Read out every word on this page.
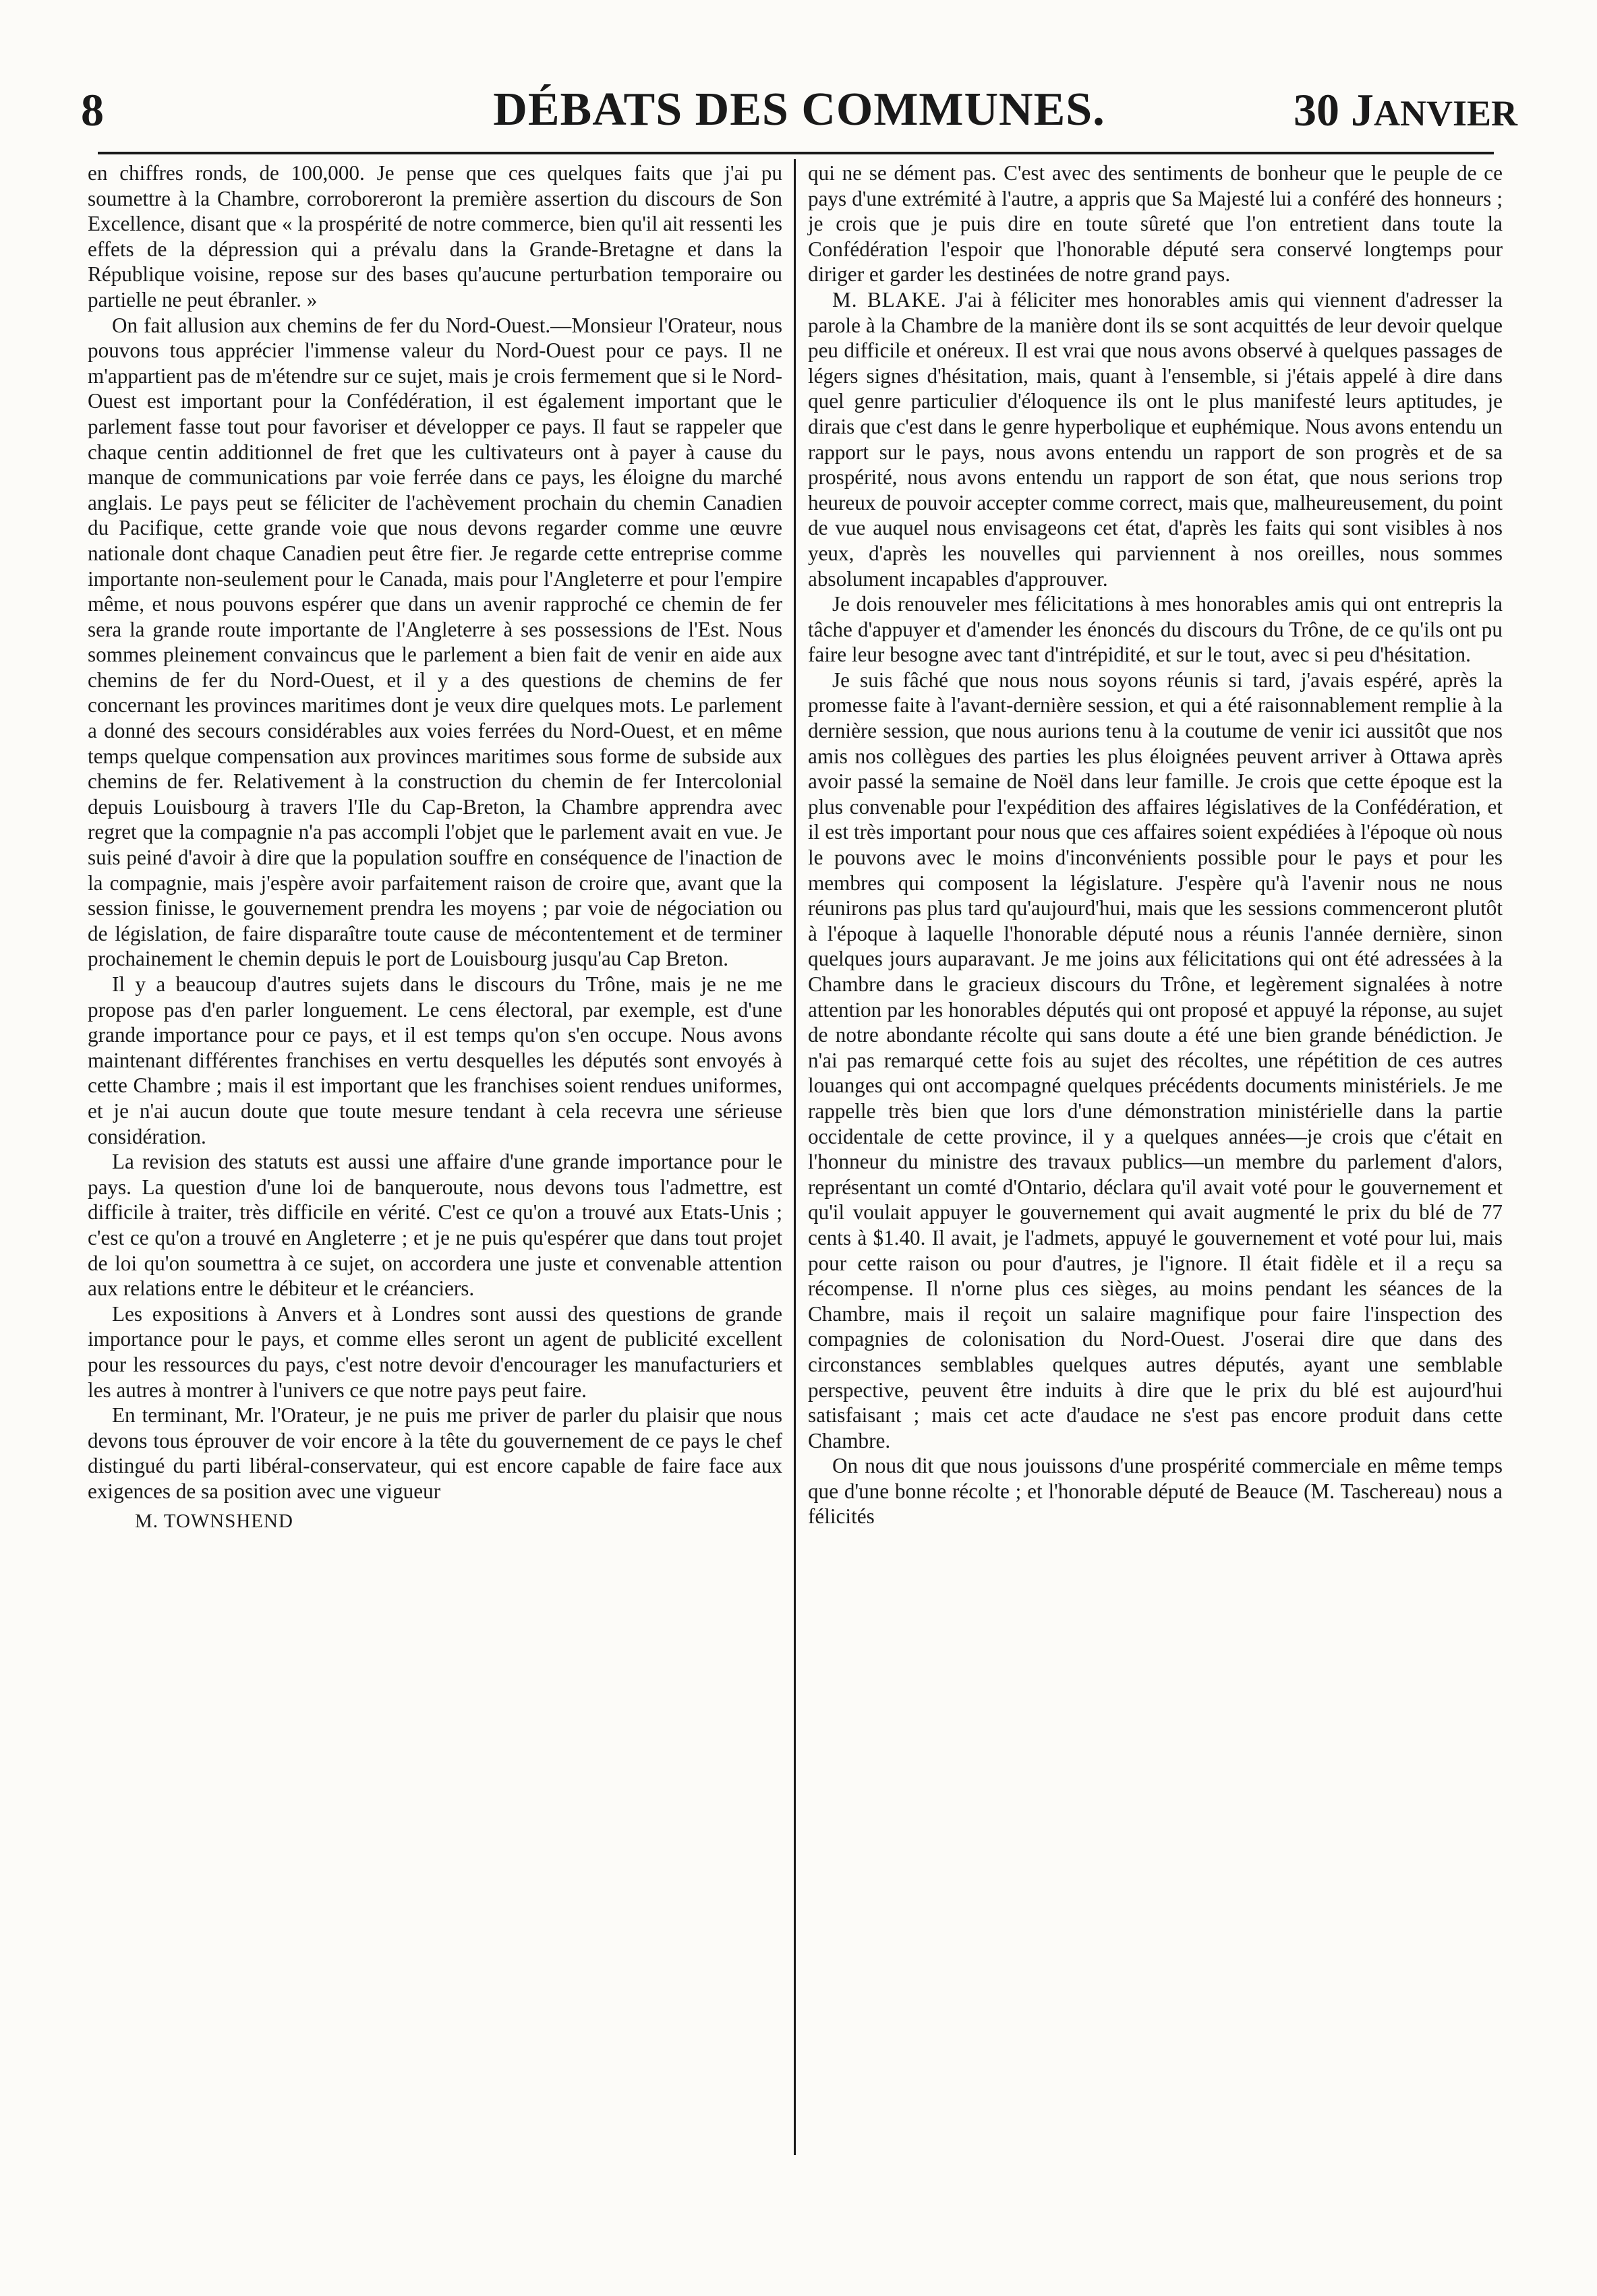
8	DÉBATS DES COMMUNES.	30 JANVIER

en chiffres ronds, de 100,000. Je pense que ces quelques faits que j'ai pu soumettre à la Chambre, corroboreront la première assertion du discours de Son Excellence, disant que « la prospérité de notre commerce, bien qu'il ait ressenti les effets de la dépression qui a prévalu dans la Grande-Bretagne et dans la République voisine, repose sur des bases qu'aucune perturbation temporaire ou partielle ne peut ébranler. »

On fait allusion aux chemins de fer du Nord-Ouest.—Monsieur l'Orateur, nous pouvons tous apprécier l'immense valeur du Nord-Ouest pour ce pays. Il ne m'appartient pas de m'étendre sur ce sujet, mais je crois fermement que si le Nord-Ouest est important pour la Confédération, il est également important que le parlement fasse tout pour favoriser et développer ce pays. Il faut se rappeler que chaque centin additionnel de fret que les cultivateurs ont à payer à cause du manque de communications par voie ferrée dans ce pays, les éloigne du marché anglais. Le pays peut se féliciter de l'achèvement prochain du chemin Canadien du Pacifique, cette grande voie que nous devons regarder comme une œuvre nationale dont chaque Canadien peut être fier. Je regarde cette entreprise comme importante non-seulement pour le Canada, mais pour l'Angleterre et pour l'empire même, et nous pouvons espérer que dans un avenir rapproché ce chemin de fer sera la grande route importante de l'Angleterre à ses possessions de l'Est. Nous sommes pleinement convaincus que le parlement a bien fait de venir en aide aux chemins de fer du Nord-Ouest, et il y a des questions de chemins de fer concernant les provinces maritimes dont je veux dire quelques mots. Le parlement a donné des secours considérables aux voies ferrées du Nord-Ouest, et en même temps quelque compensation aux provinces maritimes sous forme de subside aux chemins de fer. Relativement à la construction du chemin de fer Intercolonial depuis Louisbourg à travers l'Ile du Cap-Breton, la Chambre apprendra avec regret que la compagnie n'a pas accompli l'objet que le parlement avait en vue. Je suis peiné d'avoir à dire que la population souffre en conséquence de l'inaction de la compagnie, mais j'espère avoir parfaitement raison de croire que, avant que la session finisse, le gouvernement prendra les moyens ; par voie de négociation ou de législation, de faire disparaître toute cause de mécontentement et de terminer prochainement le chemin depuis le port de Louisbourg jusqu'au Cap Breton.

Il y a beaucoup d'autres sujets dans le discours du Trône, mais je ne me propose pas d'en parler longuement. Le cens électoral, par exemple, est d'une grande importance pour ce pays, et il est temps qu'on s'en occupe. Nous avons maintenant différentes franchises en vertu desquelles les députés sont envoyés à cette Chambre ; mais il est important que les franchises soient rendues uniformes, et je n'ai aucun doute que toute mesure tendant à cela recevra une sérieuse considération.

La revision des statuts est aussi une affaire d'une grande importance pour le pays. La question d'une loi de banqueroute, nous devons tous l'admettre, est difficile à traiter, très difficile en vérité. C'est ce qu'on a trouvé aux Etats-Unis ; c'est ce qu'on a trouvé en Angleterre ; et je ne puis qu'espérer que dans tout projet de loi qu'on soumettra à ce sujet, on accordera une juste et convenable attention aux relations entre le débiteur et le créanciers.

Les expositions à Anvers et à Londres sont aussi des questions de grande importance pour le pays, et comme elles seront un agent de publicité excellent pour les ressources du pays, c'est notre devoir d'encourager les manufacturiers et les autres à montrer à l'univers ce que notre pays peut faire.

En terminant, Mr. l'Orateur, je ne puis me priver de parler du plaisir que nous devons tous éprouver de voir encore à la tête du gouvernement de ce pays le chef distingué du parti libéral-conservateur, qui est encore capable de faire face aux exigences de sa position avec une vigueur

M. TOWNSHEND

qui ne se dément pas. C'est avec des sentiments de bonheur que le peuple de ce pays d'une extrémité à l'autre, a appris que Sa Majesté lui a conféré des honneurs ; je crois que je puis dire en toute sûreté que l'on entretient dans toute la Confédération l'espoir que l'honorable député sera conservé longtemps pour diriger et garder les destinées de notre grand pays.

M. BLAKE. J'ai à féliciter mes honorables amis qui viennent d'adresser la parole à la Chambre de la manière dont ils se sont acquittés de leur devoir quelque peu difficile et onéreux. Il est vrai que nous avons observé à quelques passages de légers signes d'hésitation, mais, quant à l'ensemble, si j'étais appelé à dire dans quel genre particulier d'éloquence ils ont le plus manifesté leurs aptitudes, je dirais que c'est dans le genre hyperbolique et euphémique. Nous avons entendu un rapport sur le pays, nous avons entendu un rapport de son progrès et de sa prospérité, nous avons entendu un rapport de son état, que nous serions trop heureux de pouvoir accepter comme correct, mais que, malheureusement, du point de vue auquel nous envisageons cet état, d'après les faits qui sont visibles à nos yeux, d'après les nouvelles qui parviennent à nos oreilles, nous sommes absolument incapables d'approuver.

Je dois renouveler mes félicitations à mes honorables amis qui ont entrepris la tâche d'appuyer et d'amender les énoncés du discours du Trône, de ce qu'ils ont pu faire leur besogne avec tant d'intrépidité, et sur le tout, avec si peu d'hésitation.

Je suis fâché que nous nous soyons réunis si tard, j'avais espéré, après la promesse faite à l'avant-dernière session, et qui a été raisonnablement remplie à la dernière session, que nous aurions tenu à la coutume de venir ici aussitôt que nos amis nos collègues des parties les plus éloignées peuvent arriver à Ottawa après avoir passé la semaine de Noël dans leur famille. Je crois que cette époque est la plus convenable pour l'expédition des affaires législatives de la Confédération, et il est très important pour nous que ces affaires soient expédiées à l'époque où nous le pouvons avec le moins d'inconvénients possible pour le pays et pour les membres qui composent la législature. J'espère qu'à l'avenir nous ne nous réunirons pas plus tard qu'aujourd'hui, mais que les sessions commenceront plutôt à l'époque à laquelle l'honorable député nous a réunis l'année dernière, sinon quelques jours auparavant. Je me joins aux félicitations qui ont été adressées à la Chambre dans le gracieux discours du Trône, et legèrement signalées à notre attention par les honorables députés qui ont proposé et appuyé la réponse, au sujet de notre abondante récolte qui sans doute a été une bien grande bénédiction. Je n'ai pas remarqué cette fois au sujet des récoltes, une répétition de ces autres louanges qui ont accompagné quelques précédents documents ministériels. Je me rappelle très bien que lors d'une démonstration ministérielle dans la partie occidentale de cette province, il y a quelques années—je crois que c'était en l'honneur du ministre des travaux publics—un membre du parlement d'alors, représentant un comté d'Ontario, déclara qu'il avait voté pour le gouvernement et qu'il voulait appuyer le gouvernement qui avait augmenté le prix du blé de 77 cents à $1.40. Il avait, je l'admets, appuyé le gouvernement et voté pour lui, mais pour cette raison ou pour d'autres, je l'ignore. Il était fidèle et il a reçu sa récompense. Il n'orne plus ces sièges, au moins pendant les séances de la Chambre, mais il reçoit un salaire magnifique pour faire l'inspection des compagnies de colonisation du Nord-Ouest. J'oserai dire que dans des circonstances semblables quelques autres députés, ayant une semblable perspective, peuvent être induits à dire que le prix du blé est aujourd'hui satisfaisant ; mais cet acte d'audace ne s'est pas encore produit dans cette Chambre.

On nous dit que nous jouissons d'une prospérité commerciale en même temps que d'une bonne récolte ; et l'honorable député de Beauce (M. Taschereau) nous a félicités
